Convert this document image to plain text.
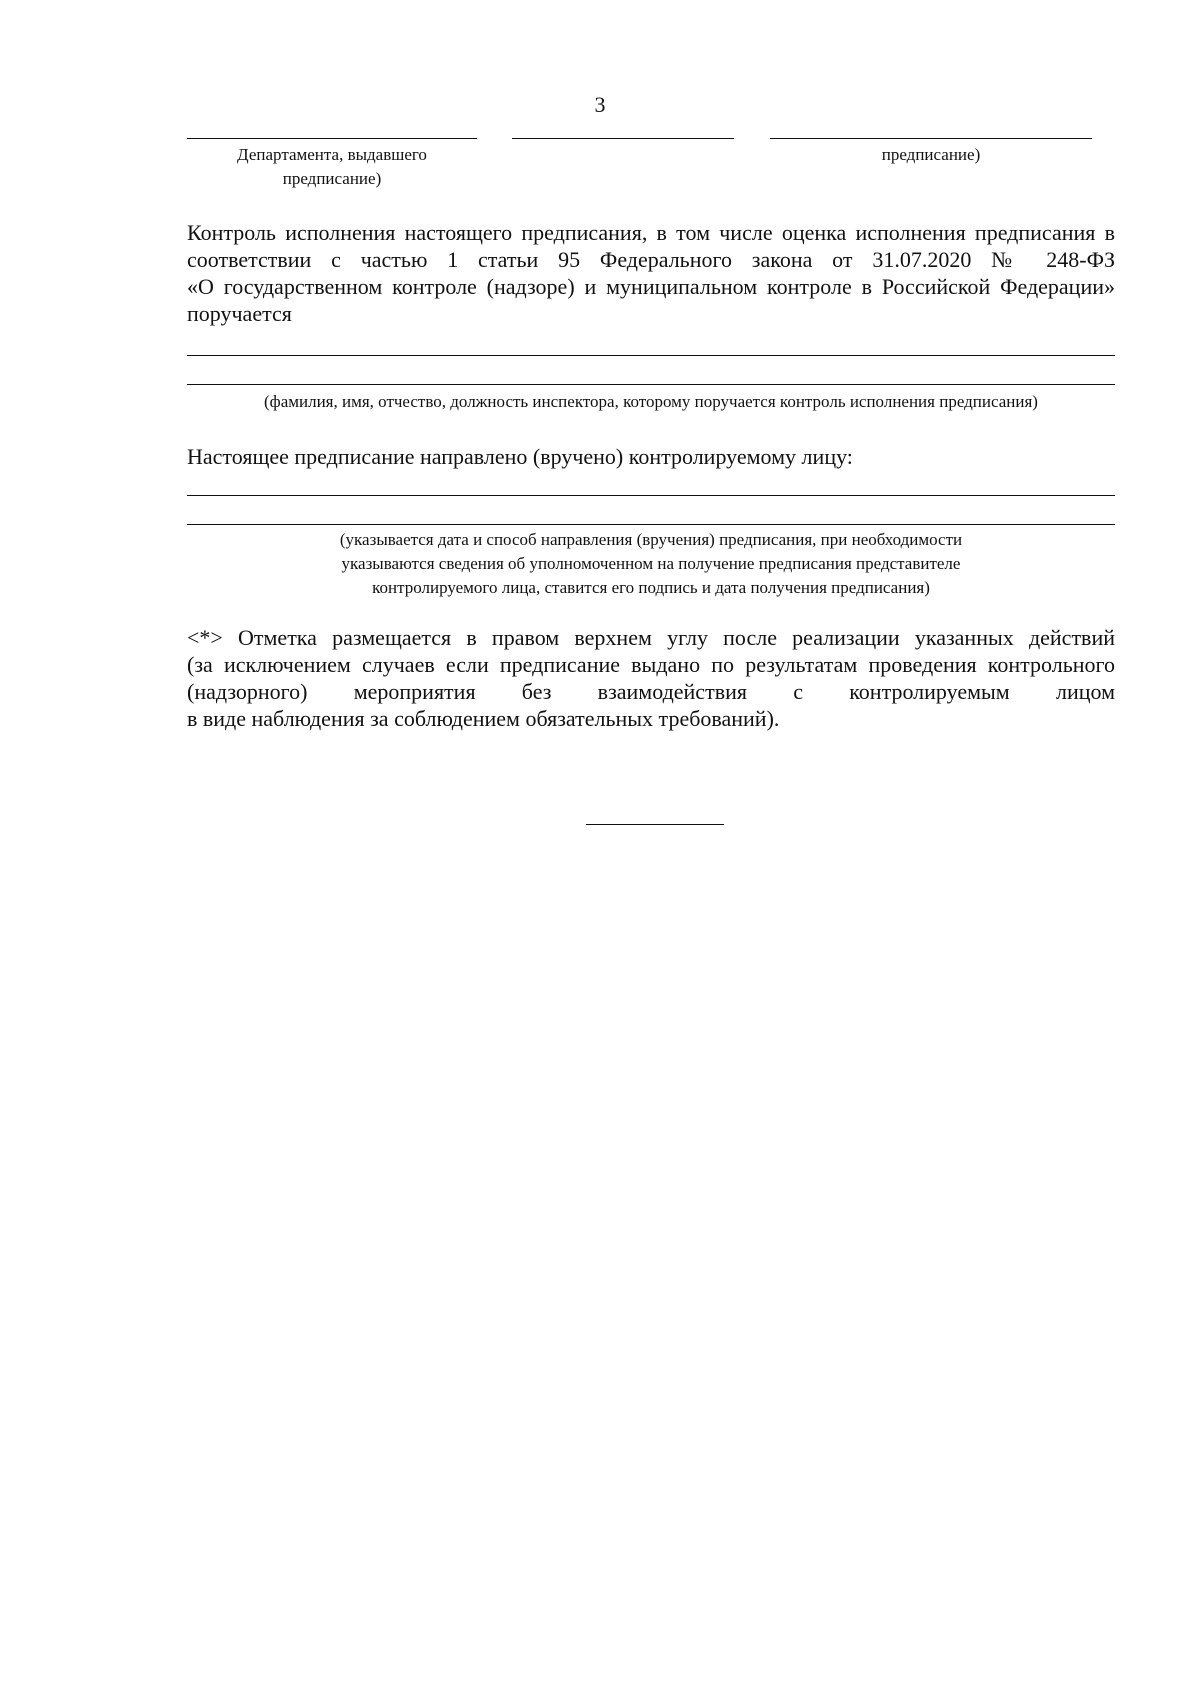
3
Департамента, выдавшего
предписание)
предписание)
Контроль исполнения настоящего предписания, в том числе оценка исполнения предписания в
соответствии с частью 1 статьи 95 Федерального закона от 31.07.2020 № 248-ФЗ
«О государственном контроле (надзоре) и муниципальном контроле в Российской Федерации»
поручается
(фамилия, имя, отчество, должность инспектора, которому поручается контроль исполнения предписания)
Настоящее предписание направлено (вручено) контролируемому лицу:
(указывается дата и способ направления (вручения) предписания, при необходимости
указываются сведения об уполномоченном на получение предписания представителе
контролируемого лица, ставится его подпись и дата получения предписания)
<*> Отметка размещается в правом верхнем углу после реализации указанных действий
(за исключением случаев если предписание выдано по результатам проведения контрольного
(надзорного) мероприятия без взаимодействия с контролируемым лицом
в виде наблюдения за соблюдением обязательных требований).
